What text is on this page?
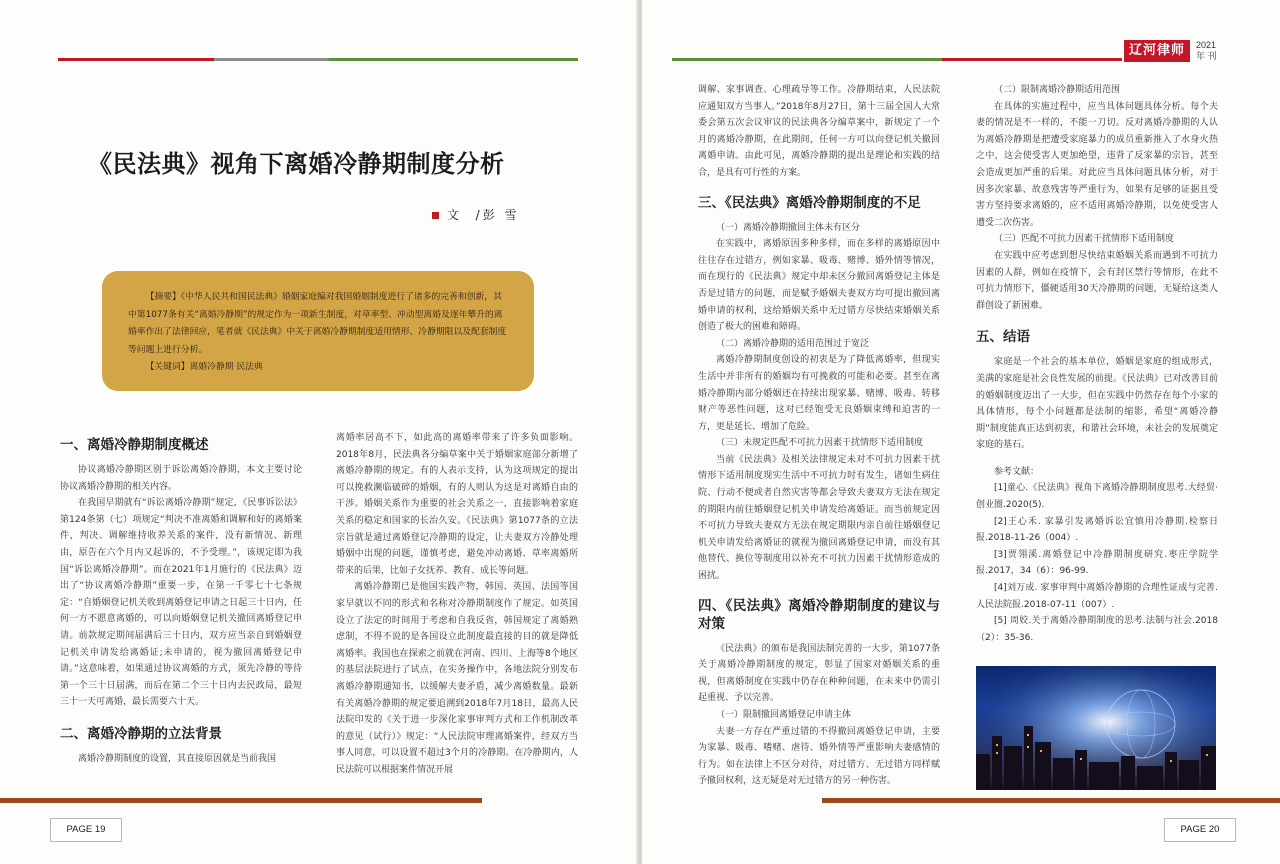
《民法典》视角下离婚冷静期制度分析
文 /彭 雪

【摘要】《中华人民共和国民法典》婚姻家庭编对我国婚姻制度进行了诸多的完善和创新，其中第1077条有关“离婚冷静期”的规定作为一项新生制度，对草率型、冲动型离婚及逐年攀升的离婚率作出了法律回应，笔者就《民法典》中关于离婚冷静期制度适用情形、冷静期限以及配套制度等问题上进行分析。

【关键词】离婚冷静期 民法典

一、离婚冷静期制度概述

协议离婚冷静期区别于诉讼离婚冷静期，本文主要讨论协议离婚冷静期的相关内容。

在我国早期就有“诉讼离婚冷静期”规定，《民事诉讼法》第124条第（七）项规定“判决不准离婚和调解和好的离婚案件，判决、调解维持收养关系的案件，没有新情况、新理由，原告在六个月内又起诉的，不予受理。”，该规定即为我国“诉讼离婚冷静期”。而在2021年1月施行的《民法典》迈出了“协议离婚冷静期”重要一步，在第一千零七十七条规定：“自婚姻登记机关收到离婚登记申请之日起三十日内，任何一方不愿意离婚的，可以向婚姻登记机关撤回离婚登记申请。前款规定期间届满后三十日内，双方应当亲自到婚姻登记机关申请发给离婚证;未申请的，视为撤回离婚登记申请。”这意味着，如果通过协议离婚的方式，须先冷静的等待第一个三十日届满，而后在第二个三十日内去民政局，最短三十一天可离婚，最长需要六十天。

二、离婚冷静期的立法背景

离婚冷静期制度的设置，其直接原因就是当前我国

离婚率居高不下，如此高的离婚率带来了许多负面影响。2018年8月，民法典各分编草案中关于婚姻家庭部分新增了离婚冷静期的规定。有的人表示支持，认为这项规定的提出可以挽救濒临破碎的婚姻，有的人则认为这是对离婚自由的干涉。婚姻关系作为重要的社会关系之一，直接影响着家庭关系的稳定和国家的长治久安。《民法典》第1077条的立法宗旨就是通过离婚登记冷静期的设定，让夫妻双方冷静处理婚姻中出现的问题，谨慎考虑，避免冲动离婚、草率离婚所带来的后果，比如子女抚养、教育、成长等问题。

离婚冷静期已是他国实践产物，韩国、英国、法国等国家早就以不同的形式和名称对冷静期制度作了规定。如英国设立了法定的时间用于考虑和自我反省，韩国规定了离婚熟虑制，不得不说的是各国设立此制度最直接的目的就是降低离婚率。我国也在探索之前就在河南、四川、上海等8个地区的基层法院进行了试点，在实务操作中，各地法院分别发布离婚冷静期通知书，以缓解夫妻矛盾，减少离婚数量。最新有关离婚冷静期的规定要追溯到2018年7月18日，最高人民法院印发的《关于进一步深化家事审判方式和工作机制改革的意见（试行）》规定：“人民法院审理离婚案件，经双方当事人同意，可以设置不超过3个月的冷静期。在冷静期内，人民法院可以根据案件情况开展

PAGE 19

调解、家事调查、心理疏导等工作。冷静期结束，人民法院应通知双方当事人。”2018年8月27日，第十三届全国人大常委会第五次会议审议的民法典各分编草案中，新规定了一个月的离婚冷静期，在此期间，任何一方可以向登记机关撤回离婚申请。由此可见，离婚冷静期的提出是理论和实践的结合，是具有可行性的方案。

三、《民法典》离婚冷静期制度的不足

（一）离婚冷静期撤回主体未有区分

在实践中，离婚原因多种多样，而在多样的离婚原因中往往存在过错方，例如家暴、吸毒、赌博、婚外情等情况，而在现行的《民法典》规定中却未区分撤回离婚登记主体是否是过错方的问题，而是赋予婚姻夫妻双方均可提出撤回离婚申请的权利，这给婚姻关系中无过错方尽快结束婚姻关系创造了极大的困难和障碍。

（二）离婚冷静期的适用范围过于宽泛

离婚冷静期制度创设的初衷是为了降低离婚率，但现实生活中并非所有的婚姻均有可挽救的可能和必要。甚至在离婚冷静期内部分婚姻还在持续出现家暴、赌博、吸毒、转移财产等恶性问题，这对已经饱受无良婚姻束缚和迫害的一方，更是延长、增加了危险。

（三）未规定匹配不可抗力因素干扰情形下适用制度

当前《民法典》及相关法律规定未对不可抗力因素干扰情形下适用制度现实生活中不可抗力时有发生，诸如生病住院、行动不便或者自然灾害等都会导致夫妻双方无法在规定的期限内前往婚姻登记机关申请发给离婚证。而当前规定因不可抗力导致夫妻双方无法在规定期限内亲自前往婚姻登记机关申请发给离婚证的就视为撤回离婚登记申请，而没有其他替代、换位等制度用以补充不可抗力因素干扰情形造成的困扰。

四、《民法典》离婚冷静期制度的建议与对策

《民法典》的颁布是我国法制完善的一大步，第1077条关于离婚冷静期制度的规定，彰显了国家对婚姻关系的重视，但离婚制度在实践中仍存在种种问题，在未来中仍需引起重视、予以完善。

（一）限制撤回离婚登记申请主体

夫妻一方存在严重过错的不得撤回离婚登记申请，主要为家暴、吸毒、嗜赌、虐待、婚外情等严重影响夫妻感情的行为。如在法律上不区分对待，对过错方、无过错方同样赋予撤回权利，这无疑是对无过错方的另一种伤害。

（二）限制离婚冷静期适用范围

在具体的实施过程中，应当具体问题具体分析。每个夫妻的情况是不一样的，不能一刀切。反对离婚冷静期的人认为离婚冷静期是把遭受家庭暴力的成员重新推入了水身火热之中，这会使受害人更加绝望，违背了反家暴的宗旨，甚至会造成更加严重的后果。对此应当具体问题具体分析，对于因多次家暴、故意残害等严重行为，如果有足够的证据且受害方坚持要求离婚的，应不适用离婚冷静期，以免使受害人遭受二次伤害。

（三）匹配不可抗力因素干扰情形下适用制度

在实践中应考虑到想尽快结束婚姻关系而遇到不可抗力因素的人群，例如在疫情下，会有封区禁行等情形，在此不可抗力情形下，僵硬适用30天冷静期的问题，无疑给这类人群创设了新困难。

五、结语

家庭是一个社会的基本单位，婚姻是家庭的组成形式，美满的家庭是社会良性发展的前提。《民法典》已对改善目前的婚姻制度迈出了一大步，但在实践中仍然存在每个小家的具体情形，每个小问题都是法制的缩影，希望“离婚冷静期”制度能真正达到初衷，和谐社会环境，未社会的发展奠定家庭的基石。

参考文献：

[1]童心.《民法典》视角下离婚冷静期制度思考.大经贸·创业圈.2020(5).

[2]王心禾. 家暴引发离婚诉讼宜慎用冷静期.检察日报.2018-11-26（004）.

[3]贾翎溪.离婚登记中冷静期制度研究.枣庄学院学报.2017，34（6）：96-99.

[4]刘万成. 家事审判中离婚冷静期的合理性证成与完善.人民法院报.2018-07-11（007）.

[5] 周姣.关于离婚冷静期制度的思考.法制与社会.2018（2）：35-36.

辽河律师	2021
年 刊
PAGE 20
